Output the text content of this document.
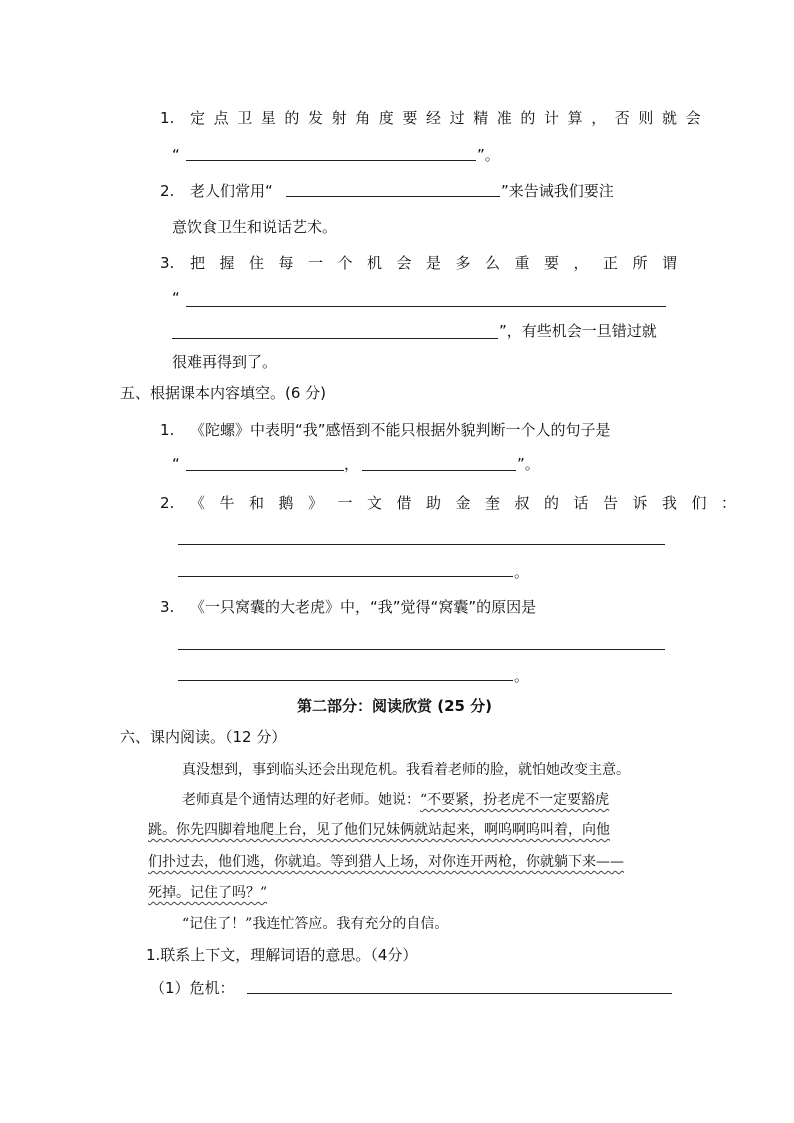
1. 定点卫星的发射角度要经过精准的计算，否则就会
“	”。
2. 老人们常用“	”来告诫我们要注
意饮食卫生和说话艺术。
3. 把握住每一个机会是多么重要，正所谓
“
”，有些机会一旦错过就
很难再得到了。
五、根据课本内容填空。(6 分)
1. 《陀螺》中表明“我”感悟到不能只根据外貌判断一个人的句子是
“	，	”。
2. 《牛和鹅》一文借助金奎叔的话告诉我们：
。
3. 《一只窝囊的大老虎》中，“我”觉得“窝囊”的原因是
。
第二部分：阅读欣赏 (25 分)
六、课内阅读。（12 分）
真没想到，事到临头还会出现危机。我看着老师的脸，就怕她改变主意。
老师真是个通情达理的好老师。她说：“不要紧，扮老虎不一定要豁虎
跳。你先四脚着地爬上台，见了他们兄妹俩就站起来，啊呜啊呜叫着，向他
们扑过去，他们逃，你就追。等到猎人上场，对你连开两枪，你就躺下来——
死掉。记住了吗？”
“记住了！”我连忙答应。我有充分的自信。
1.联系上下文，理解词语的意思。（4分）
（1）危机：
